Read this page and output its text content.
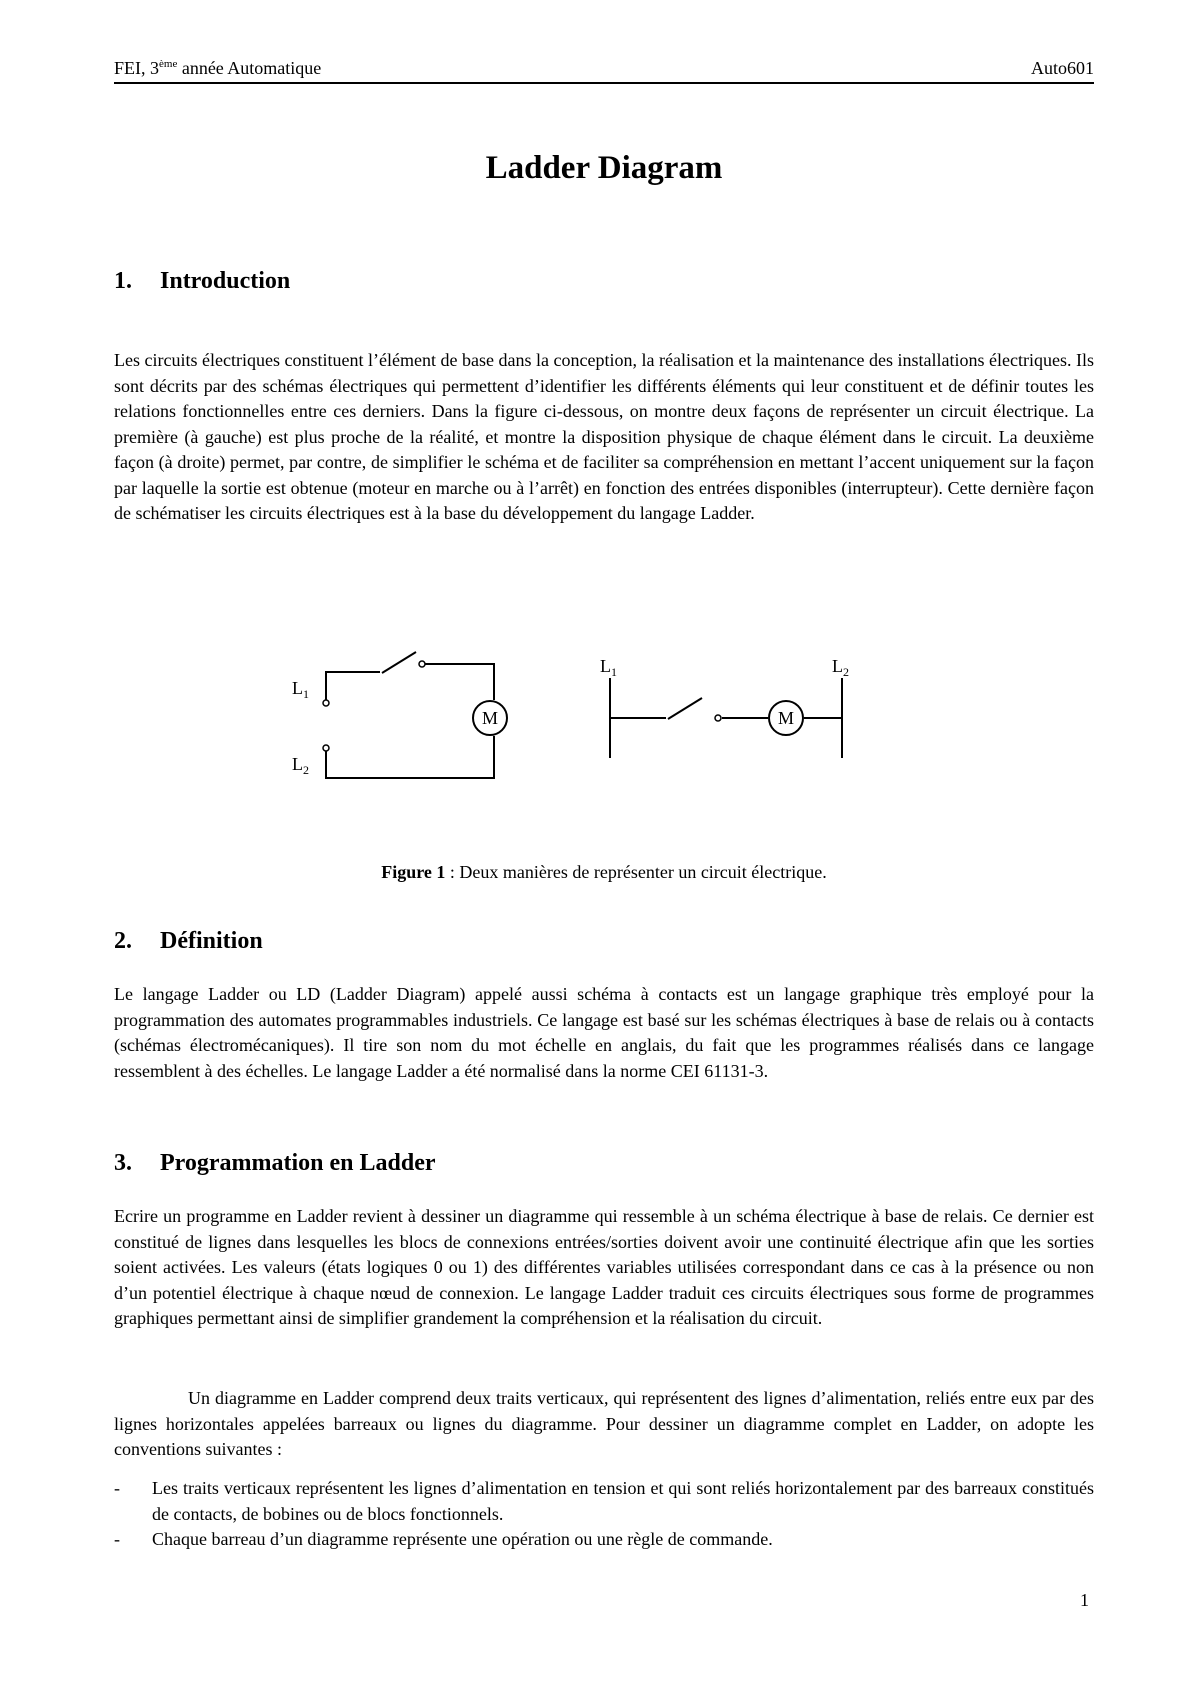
FEI, 3ème année Automatique	Auto601
Ladder Diagram
1. Introduction

Les circuits électriques constituent l’élément de base dans la conception, la réalisation et la maintenance des installations électriques. Ils sont décrits par des schémas électriques qui permettent d’identifier les différents éléments qui leur constituent et de définir toutes les relations fonctionnelles entre ces derniers. Dans la figure ci-dessous, on montre deux façons de représenter un circuit électrique. La première (à gauche) est plus proche de la réalité, et montre la disposition physique de chaque élément dans le circuit. La deuxième façon (à droite) permet, par contre, de simplifier le schéma et de faciliter sa compréhension en mettant l’accent uniquement sur la façon par laquelle la sortie est obtenue (moteur en marche ou à l’arrêt) en fonction des entrées disponibles (interrupteur). Cette dernière façon de schématiser les circuits électriques est à la base du développement du langage Ladder.

$L_1$
$L_2$
M
$L_1$	$L_2$
M
Figure 1 : Deux manières de représenter un circuit électrique.
2. Définition

Le langage Ladder ou LD (Ladder Diagram) appelé aussi schéma à contacts est un langage graphique très employé pour la programmation des automates programmables industriels. Ce langage est basé sur les schémas électriques à base de relais ou à contacts (schémas électromécaniques). Il tire son nom du mot échelle en anglais, du fait que les programmes réalisés dans ce langage ressemblent à des échelles. Le langage Ladder a été normalisé dans la norme CEI 61131-3.

3. Programmation en Ladder

Ecrire un programme en Ladder revient à dessiner un diagramme qui ressemble à un schéma électrique à base de relais. Ce dernier est constitué de lignes dans lesquelles les blocs de connexions entrées/sorties doivent avoir une continuité électrique afin que les sorties soient activées. Les valeurs (états logiques 0 ou 1) des différentes variables utilisées correspondant dans ce cas à la présence ou non d’un potentiel électrique à chaque nœud de connexion. Le langage Ladder traduit ces circuits électriques sous forme de programmes graphiques permettant ainsi de simplifier grandement la compréhension et la réalisation du circuit.

Un diagramme en Ladder comprend deux traits verticaux, qui représentent des lignes d’alimentation, reliés entre eux par des lignes horizontales appelées barreaux ou lignes du diagramme. Pour dessiner un diagramme complet en Ladder, on adopte les conventions suivantes :

- Les traits verticaux représentent les lignes d’alimentation en tension et qui sont reliés horizontalement par des barreaux constitués de contacts, de bobines ou de blocs fonctionnels.
- Chaque barreau d’un diagramme représente une opération ou une règle de commande.
1
